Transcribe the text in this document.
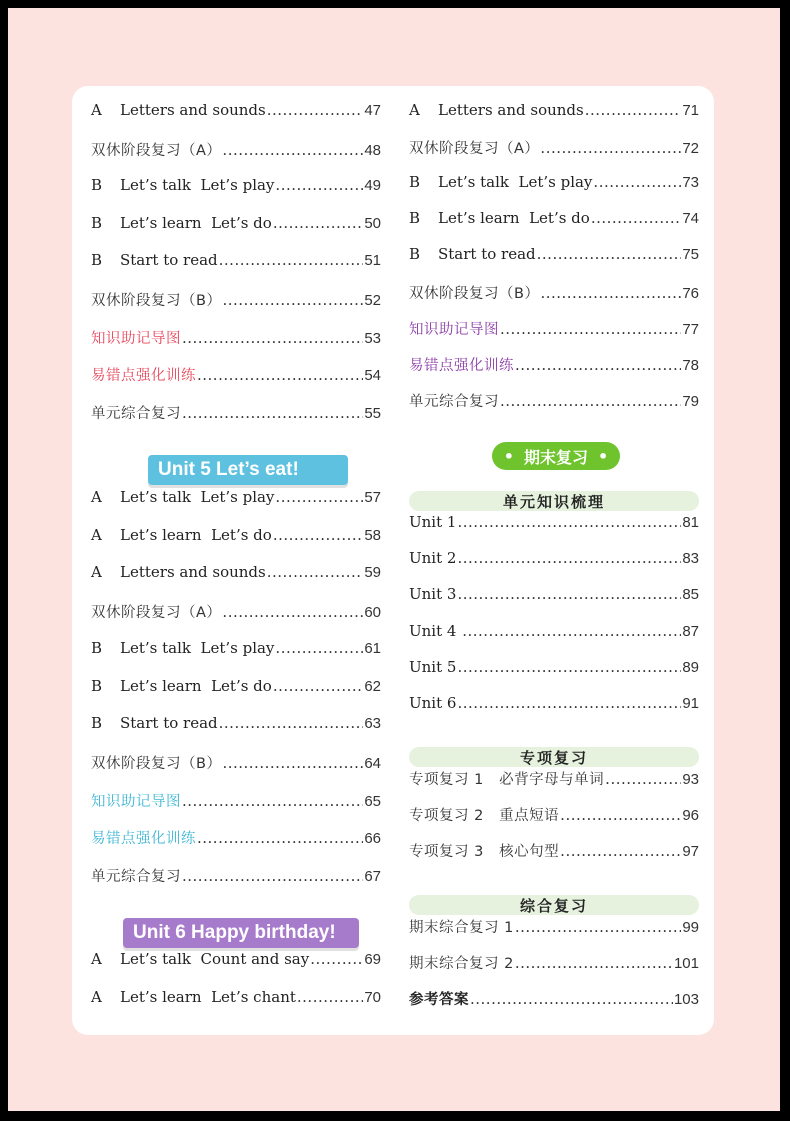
A	Letters and sounds .....	47
双休阶段复习（A） .....	48
B	Let’s talk  Let’s play .....	49
B	Let’s learn  Let’s do .....	50
B	Start to read .....	51
双休阶段复习（B） .....	52
知识助记导图 .....	53
易错点强化训练 .....	54
单元综合复习 .....	55
Unit 5 Let’s eat!
A	Let’s talk  Let’s play .....	57
A	Let’s learn  Let’s do .....	58
A	Letters and sounds .....	59
双休阶段复习（A） .....	60
B	Let’s talk  Let’s play .....	61
B	Let’s learn  Let’s do .....	62
B	Start to read .....	63
双休阶段复习（B） .....	64
知识助记导图 .....	65
易错点强化训练 .....	66
单元综合复习 .....	67
Unit 6 Happy birthday!
A	Let’s talk  Count and say .....	69
A	Let’s learn  Let’s chant .....	70
A	Letters and sounds .....	71
双休阶段复习（A） .....	72
B	Let’s talk  Let’s play .....	73
B	Let’s learn  Let’s do .....	74
B	Start to read .....	75
双休阶段复习（B） .....	76
知识助记导图 .....	77
易错点强化训练 .....	78
单元综合复习 .....	79
Unit 1 .....	81
Unit 2 .....	83
Unit 3 .....	85
Unit 4 .....	87
Unit 5 .....	89
Unit 6 .....	91
专项复习 1   必背字母与单词 .....	93
专项复习 2   重点短语 .....	96
专项复习 3   核心句型 .....	97
期末综合复习 1 .....	99
期末综合复习 2 .....	101
参考答案 .....	103
• 期末复习 •
单元知识梳理
专项复习
综合复习
